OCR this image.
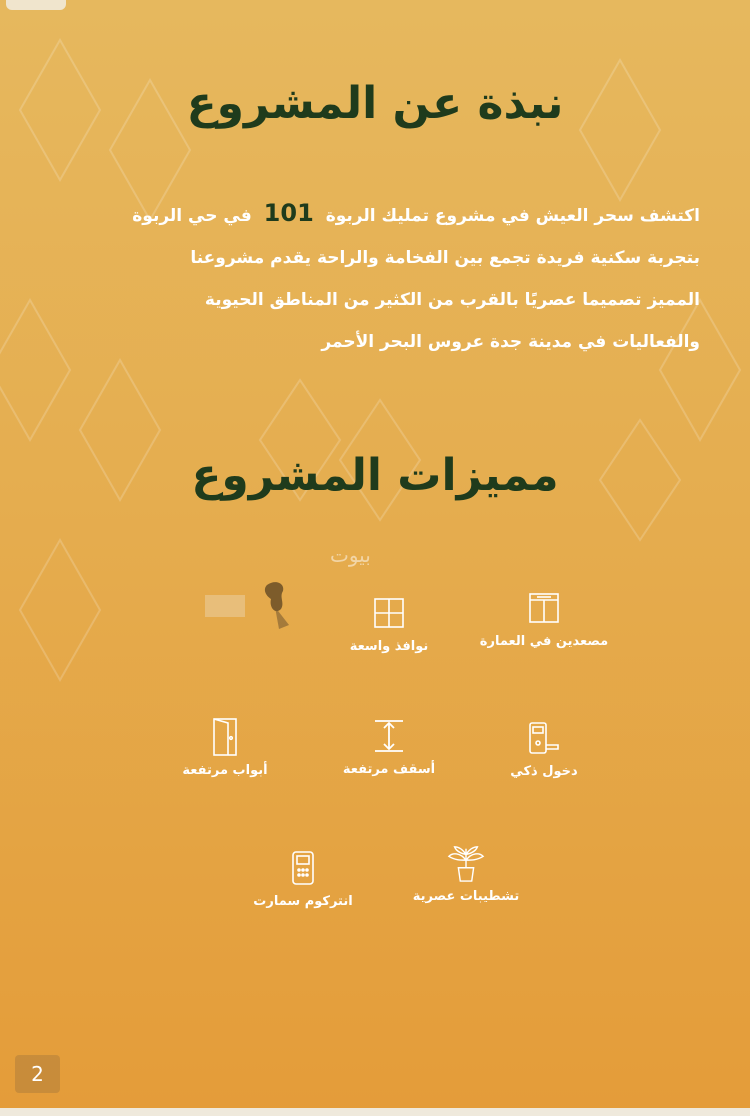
نبذة عن المشروع
اكتشف سحر العيش في مشروع تمليك الربوة 101 في حي الربوة
بتجربة سكنية فريدة تجمع بين الفخامة والراحة يقدم مشروعنا
المميز تصميما عصريًا بالقرب من الكثير من المناطق الحيوية
والفعاليات في مدينة جدة عروس البحر الأحمر
مميزات المشروع
بيوت
مصعدين في العمارة
نوافذ واسعة
دخول ذكي
أسقف مرتفعة
أبواب مرتفعة
تشطيبات عصرية
انتركوم سمارت
2
